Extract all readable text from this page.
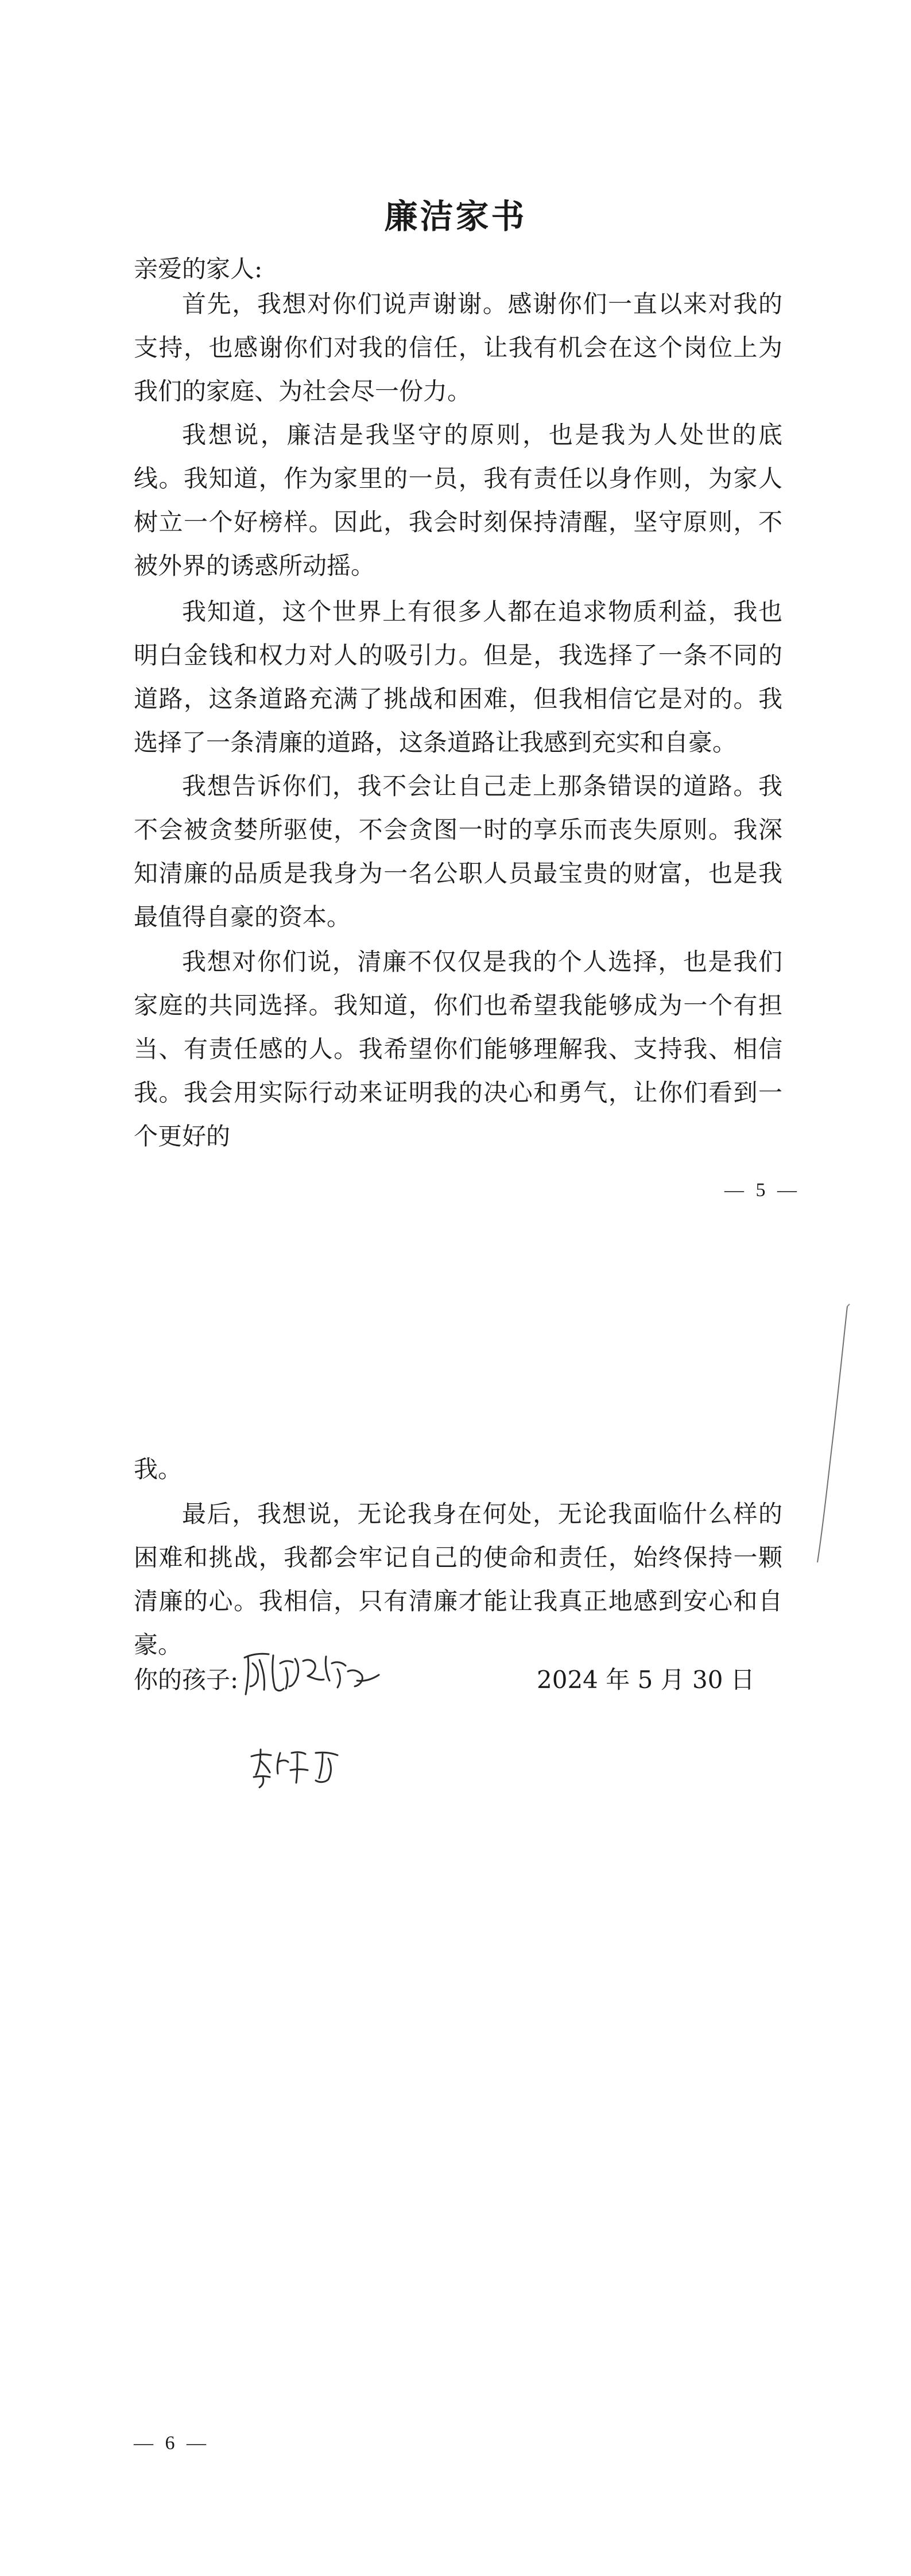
廉洁家书
亲爱的家人:

首先，我想对你们说声谢谢。感谢你们一直以来对我的支持，也感谢你们对我的信任，让我有机会在这个岗位上为我们的家庭、为社会尽一份力。

我想说，廉洁是我坚守的原则，也是我为人处世的底线。我知道，作为家里的一员，我有责任以身作则，为家人树立一个好榜样。因此，我会时刻保持清醒，坚守原则，不被外界的诱惑所动摇。

我知道，这个世界上有很多人都在追求物质利益，我也明白金钱和权力对人的吸引力。但是，我选择了一条不同的道路，这条道路充满了挑战和困难，但我相信它是对的。我选择了一条清廉的道路，这条道路让我感到充实和自豪。

我想告诉你们，我不会让自己走上那条错误的道路。我不会被贪婪所驱使，不会贪图一时的享乐而丧失原则。我深知清廉的品质是我身为一名公职人员最宝贵的财富，也是我最值得自豪的资本。

我想对你们说，清廉不仅仅是我的个人选择，也是我们家庭的共同选择。我知道，你们也希望我能够成为一个有担当、有责任感的人。我希望你们能够理解我、支持我、相信我。我会用实际行动来证明我的决心和勇气，让你们看到一个更好的

— 5 —

我。

最后，我想说，无论我身在何处，无论我面临什么样的困难和挑战，我都会牢记自己的使命和责任，始终保持一颗清廉的心。我相信，只有清廉才能让我真正地感到安心和自豪。

你的孩子:	2024 年 5 月 30 日
— 6 —
